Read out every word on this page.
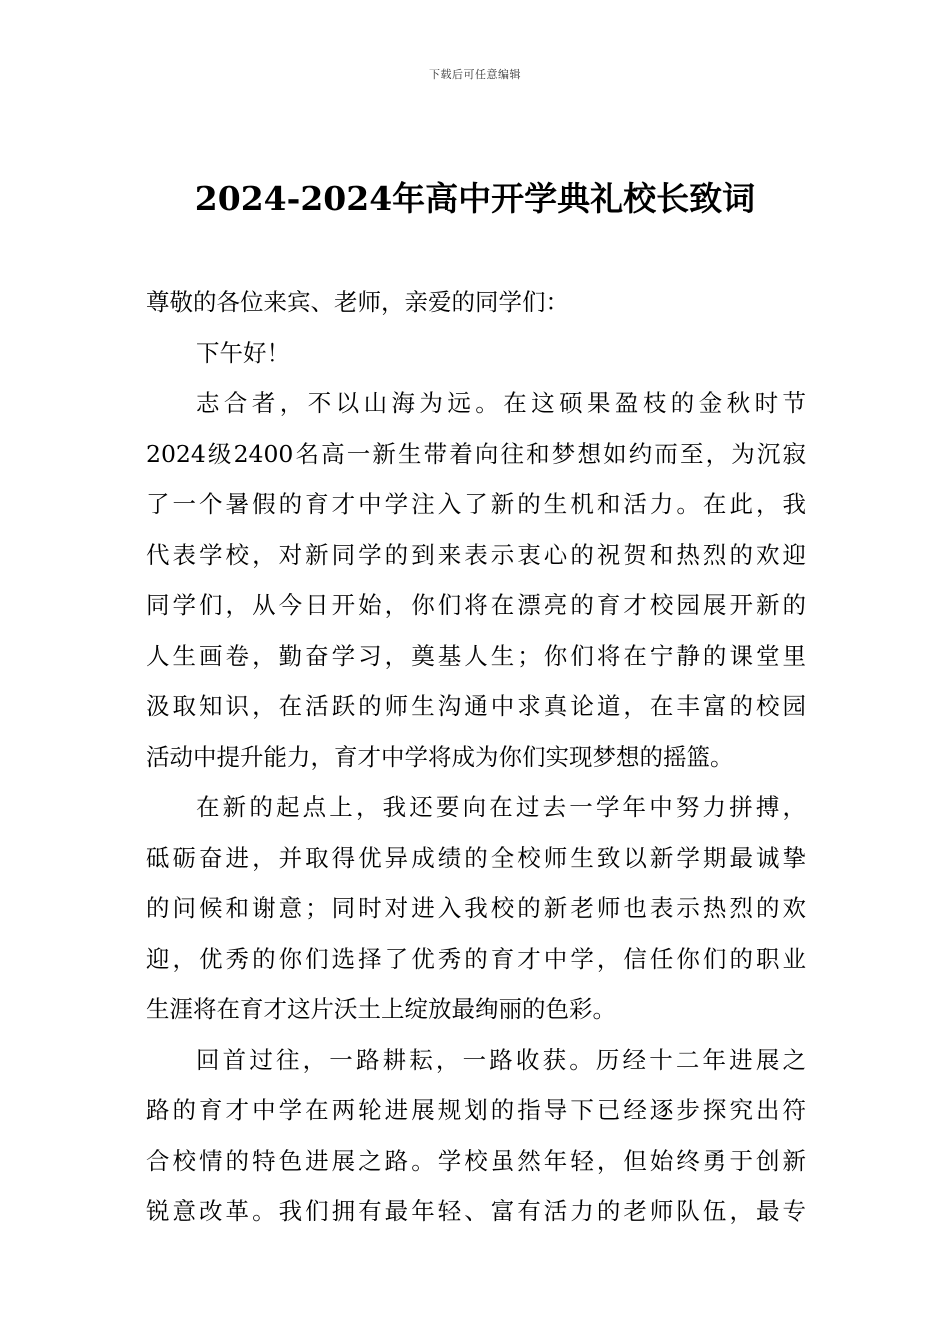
下载后可任意编辑
2024-2024年高中开学典礼校长致词
尊敬的各位来宾、老师，亲爱的同学们：
下午好！
志合者，不以山海为远。在这硕果盈枝的金秋时节
2024级2400名高一新生带着向往和梦想如约而至，为沉寂
了一个暑假的育才中学注入了新的生机和活力。在此，我
代表学校，对新同学的到来表示衷心的祝贺和热烈的欢迎
同学们，从今日开始，你们将在漂亮的育才校园展开新的
人生画卷，勤奋学习，奠基人生；你们将在宁静的课堂里
汲取知识，在活跃的师生沟通中求真论道，在丰富的校园
活动中提升能力，育才中学将成为你们实现梦想的摇篮。
在新的起点上，我还要向在过去一学年中努力拼搏，
砥砺奋进，并取得优异成绩的全校师生致以新学期最诚挚
的问候和谢意；同时对进入我校的新老师也表示热烈的欢
迎，优秀的你们选择了优秀的育才中学，信任你们的职业
生涯将在育才这片沃土上绽放最绚丽的色彩。
回首过往，一路耕耘，一路收获。历经十二年进展之
路的育才中学在两轮进展规划的指导下已经逐步探究出符
合校情的特色进展之路。学校虽然年轻，但始终勇于创新
锐意改革。我们拥有最年轻、富有活力的老师队伍，最专
